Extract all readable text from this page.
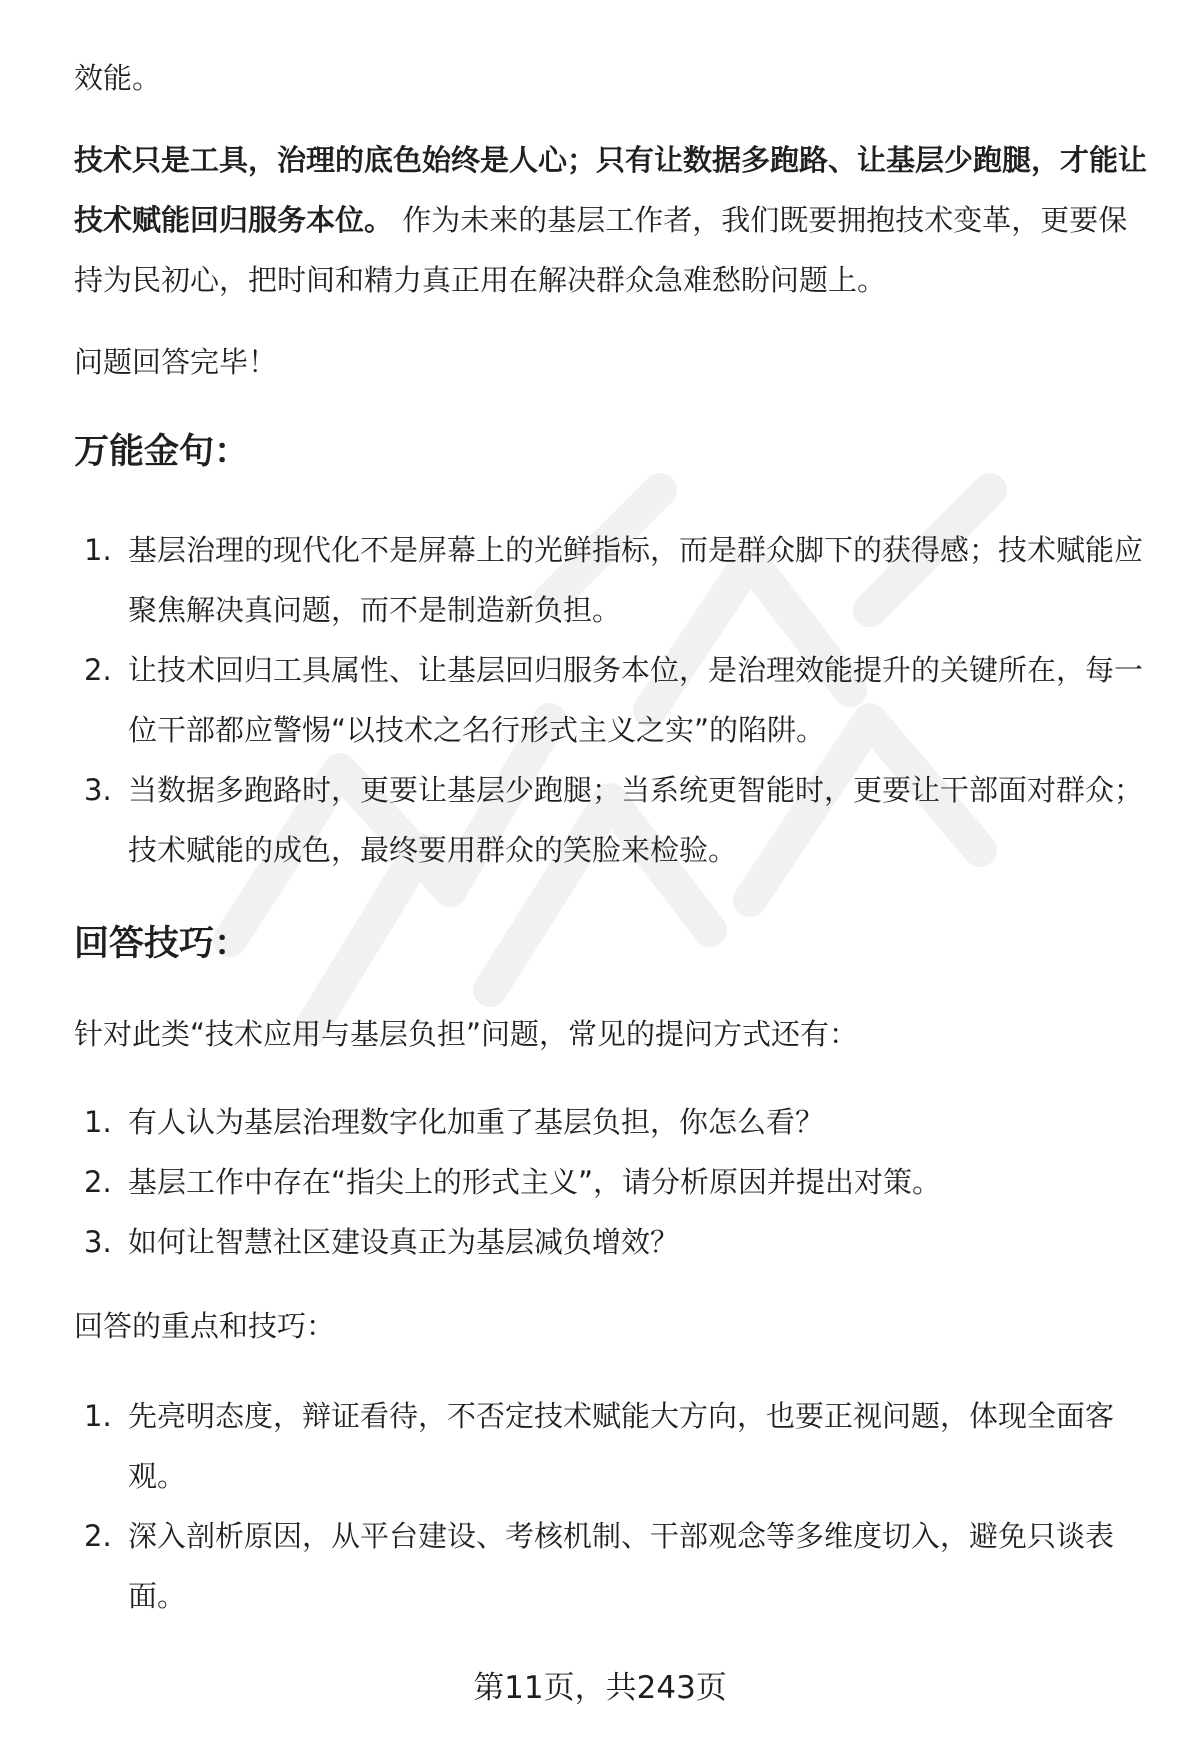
效能。

技术只是工具，治理的底色始终是人心；只有让数据多跑路、让基层少跑腿，才能让技术赋能回归服务本位。 作为未来的基层工作者，我们既要拥抱技术变革，更要保持为民初心，把时间和精力真正用在解决群众急难愁盼问题上。

问题回答完毕！

万能金句：
1. 基层治理的现代化不是屏幕上的光鲜指标，而是群众脚下的获得感；技术赋能应聚焦解决真问题，而不是制造新负担。
2. 让技术回归工具属性、让基层回归服务本位，是治理效能提升的关键所在，每一位干部都应警惕“以技术之名行形式主义之实”的陷阱。
3. 当数据多跑路时，更要让基层少跑腿；当系统更智能时，更要让干部面对群众；技术赋能的成色，最终要用群众的笑脸来检验。
回答技巧：

针对此类“技术应用与基层负担”问题，常见的提问方式还有：

1. 有人认为基层治理数字化加重了基层负担，你怎么看？
2. 基层工作中存在“指尖上的形式主义”，请分析原因并提出对策。
3. 如何让智慧社区建设真正为基层减负增效？

回答的重点和技巧：

1. 先亮明态度，辩证看待，不否定技术赋能大方向，也要正视问题，体现全面客观。
2. 深入剖析原因，从平台建设、考核机制、干部观念等多维度切入，避免只谈表面。
第11页，共243页
